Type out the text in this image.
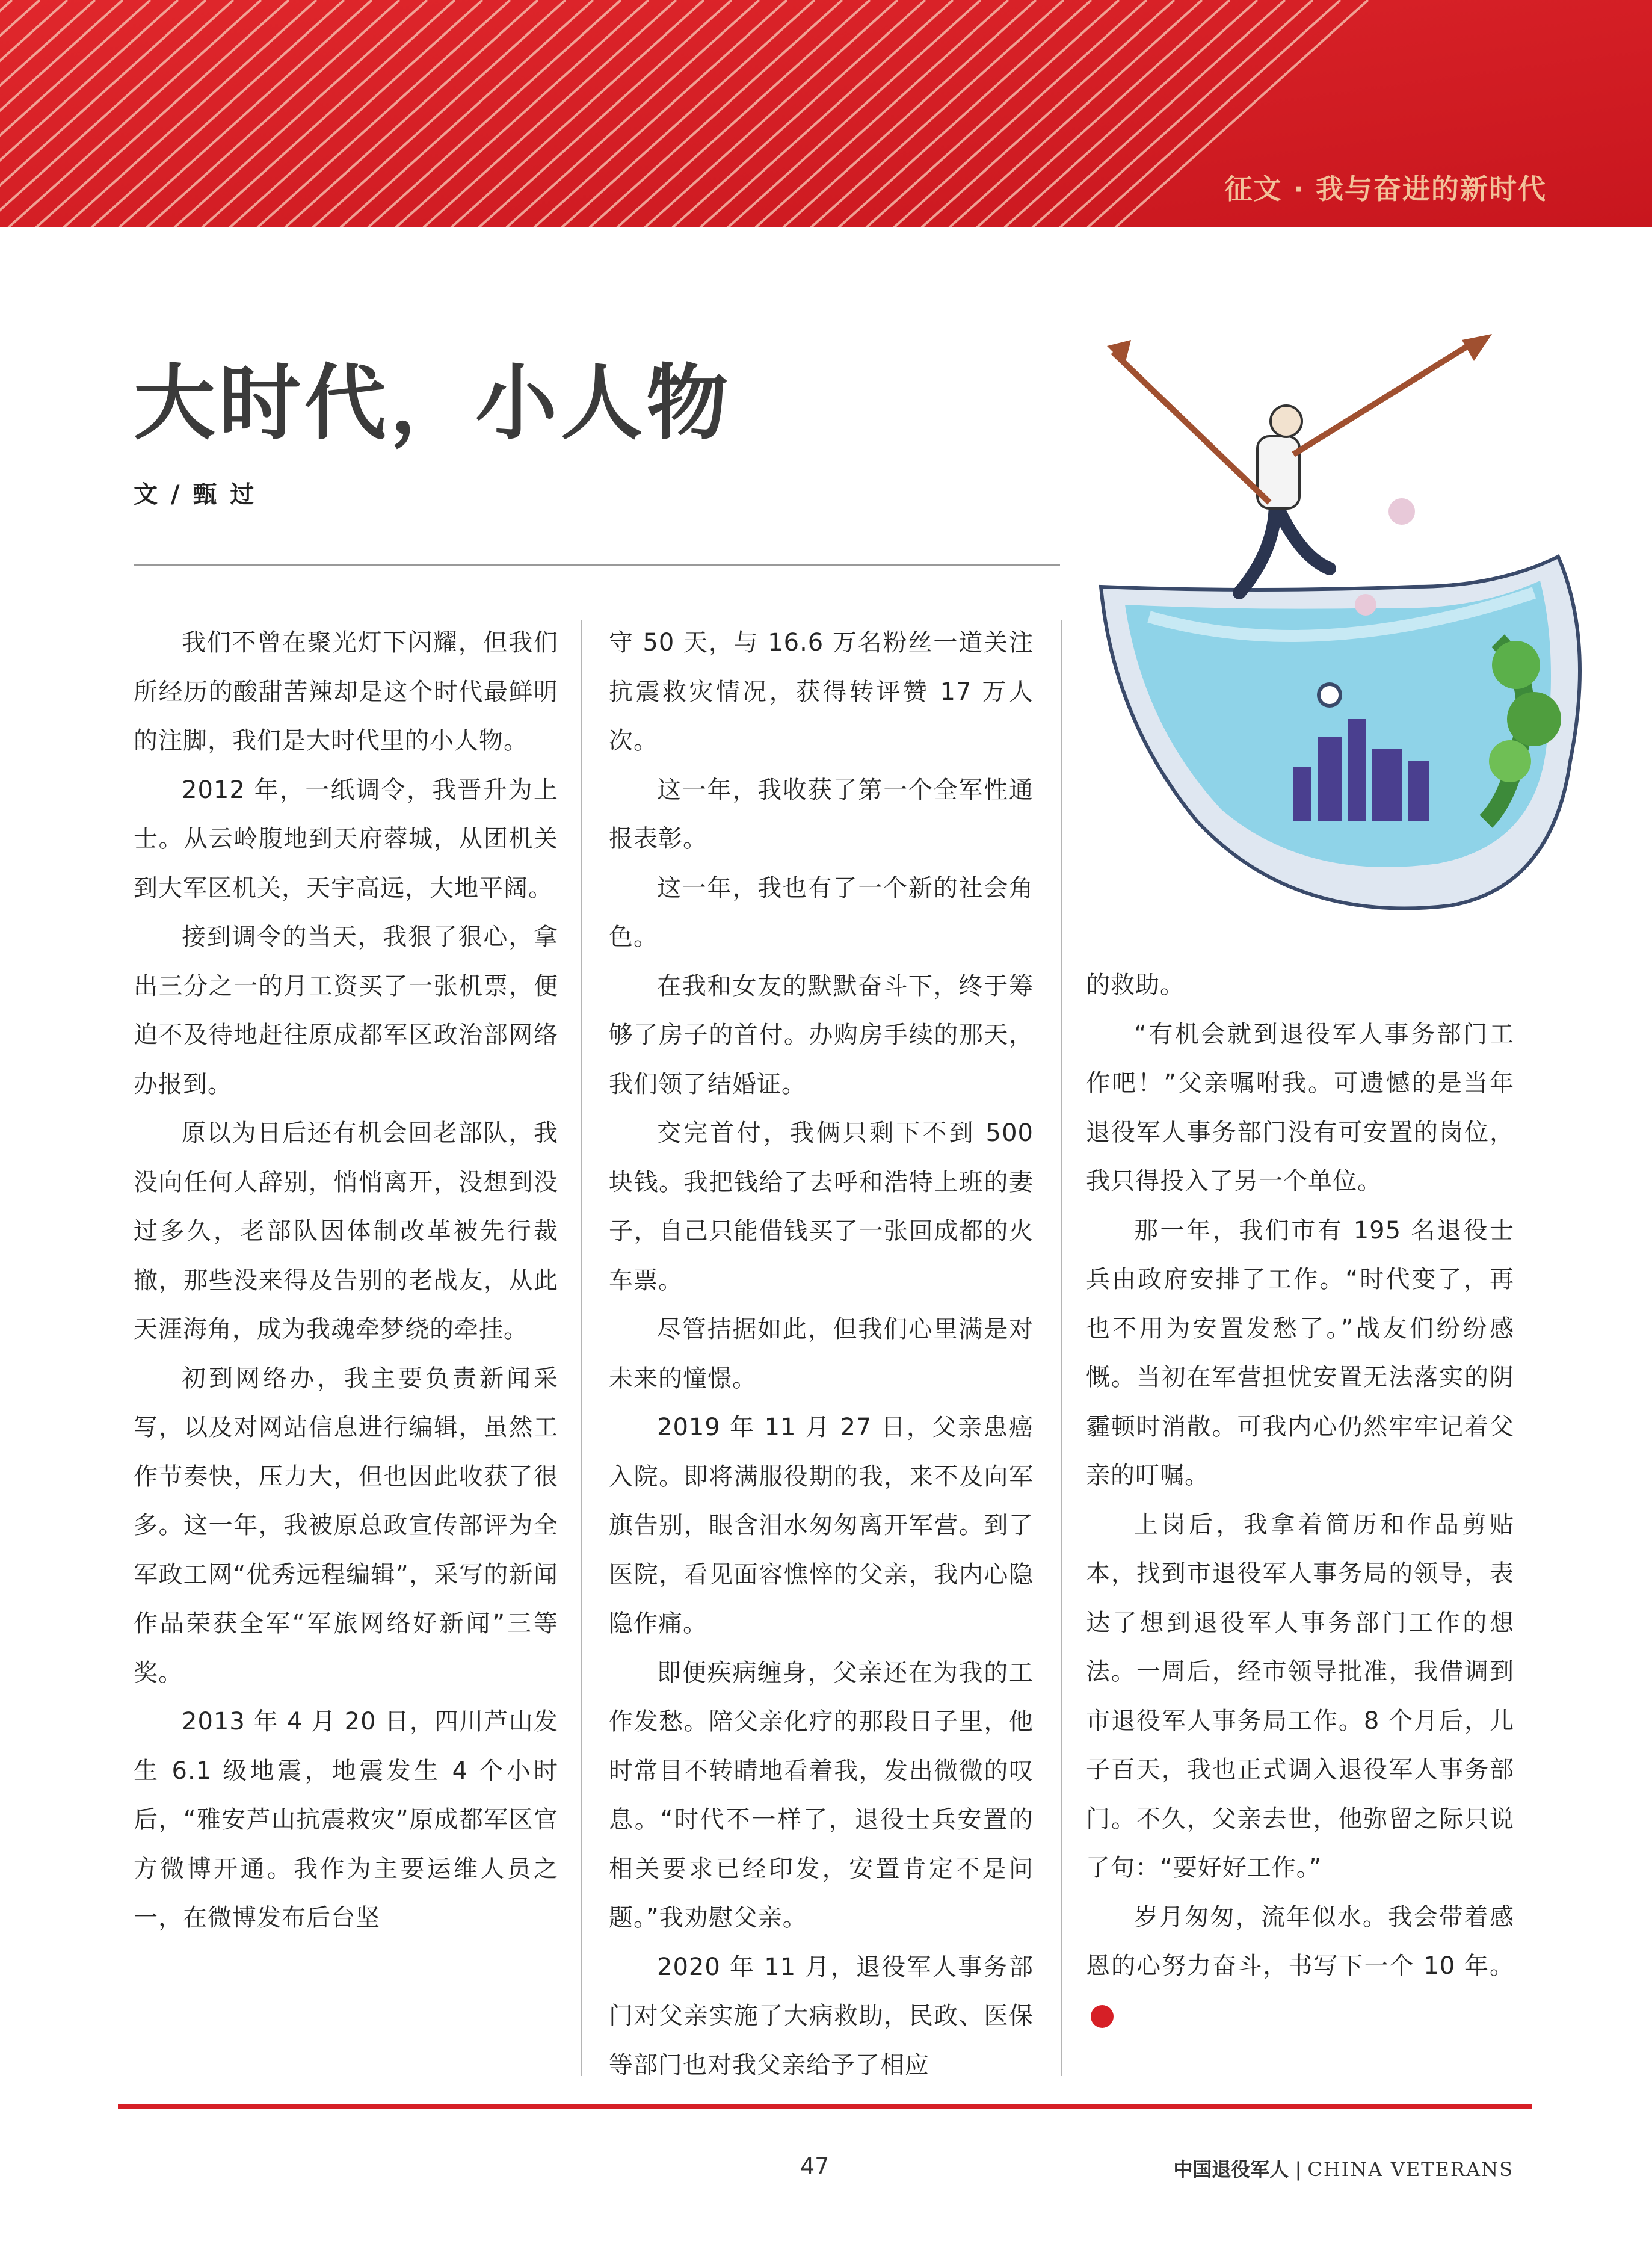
征文 · 我与奋进的新时代
大时代，小人物
文 / 甄 过

我们不曾在聚光灯下闪耀，但我们所经历的酸甜苦辣却是这个时代最鲜明的注脚，我们是大时代里的小人物。

2012 年，一纸调令，我晋升为上士。从云岭腹地到天府蓉城，从团机关到大军区机关，天宇高远，大地平阔。

接到调令的当天，我狠了狠心，拿出三分之一的月工资买了一张机票，便迫不及待地赶往原成都军区政治部网络办报到。

原以为日后还有机会回老部队，我没向任何人辞别，悄悄离开，没想到没过多久，老部队因体制改革被先行裁撤，那些没来得及告别的老战友，从此天涯海角，成为我魂牵梦绕的牵挂。

初到网络办，我主要负责新闻采写，以及对网站信息进行编辑，虽然工作节奏快，压力大，但也因此收获了很多。这一年，我被原总政宣传部评为全军政工网“优秀远程编辑”，采写的新闻作品荣获全军“军旅网络好新闻”三等奖。

2013 年 4 月 20 日，四川芦山发生 6.1 级地震，地震发生 4 个小时后，“雅安芦山抗震救灾”原成都军区官方微博开通。我作为主要运维人员之一，在微博发布后台坚

守 50 天，与 16.6 万名粉丝一道关注抗震救灾情况，获得转评赞 17 万人次。

这一年，我收获了第一个全军性通报表彰。

这一年，我也有了一个新的社会角色。

在我和女友的默默奋斗下，终于筹够了房子的首付。办购房手续的那天，我们领了结婚证。

交完首付，我俩只剩下不到 500 块钱。我把钱给了去呼和浩特上班的妻子，自己只能借钱买了一张回成都的火车票。

尽管拮据如此，但我们心里满是对未来的憧憬。

2019 年 11 月 27 日，父亲患癌入院。即将满服役期的我，来不及向军旗告别，眼含泪水匆匆离开军营。到了医院，看见面容憔悴的父亲，我内心隐隐作痛。

即便疾病缠身，父亲还在为我的工作发愁。陪父亲化疗的那段日子里，他时常目不转睛地看着我，发出微微的叹息。“时代不一样了，退役士兵安置的相关要求已经印发，安置肯定不是问题。”我劝慰父亲。

2020 年 11 月，退役军人事务部门对父亲实施了大病救助，民政、医保等部门也对我父亲给予了相应

的救助。

“有机会就到退役军人事务部门工作吧！”父亲嘱咐我。可遗憾的是当年退役军人事务部门没有可安置的岗位，我只得投入了另一个单位。

那一年，我们市有 195 名退役士兵由政府安排了工作。“时代变了，再也不用为安置发愁了。”战友们纷纷感慨。当初在军营担忧安置无法落实的阴霾顿时消散。可我内心仍然牢牢记着父亲的叮嘱。

上岗后，我拿着简历和作品剪贴本，找到市退役军人事务局的领导，表达了想到退役军人事务部门工作的想法。一周后，经市领导批准，我借调到市退役军人事务局工作。8 个月后，儿子百天，我也正式调入退役军人事务部门。不久，父亲去世，他弥留之际只说了句：“要好好工作。”

岁月匆匆，流年似水。我会带着感恩的心努力奋斗，书写下一个 10 年。V

47	中国退役军人 | CHINA VETERANS
